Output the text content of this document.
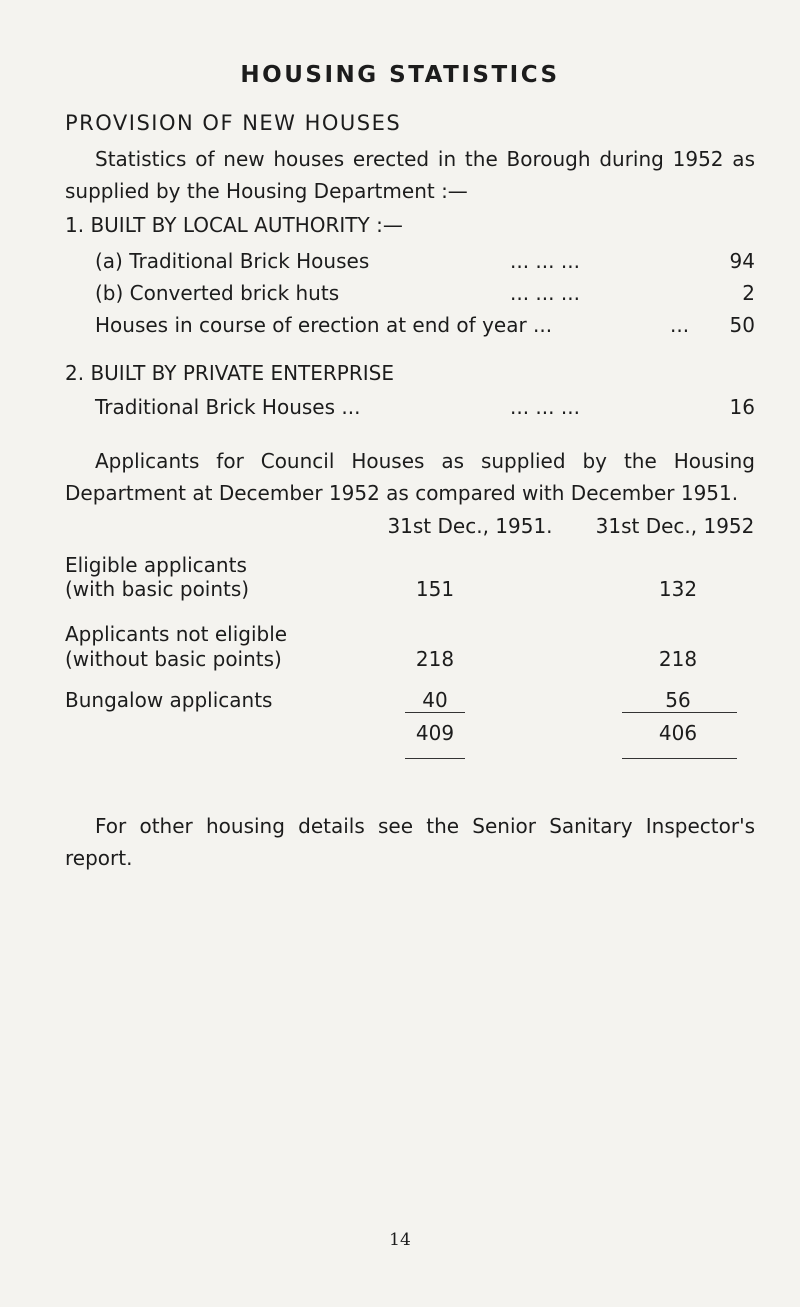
HOUSING STATISTICS
PROVISION OF NEW HOUSES
Statistics of new houses erected in the Borough during 1952 as
supplied by the Housing Department :—
1. BUILT BY LOCAL AUTHORITY :—
(a) Traditional Brick Houses	... ... ...	94
(b) Converted brick huts	... ... ...	2
Houses in course of erection at end of year ...	...	50
2. BUILT BY PRIVATE ENTERPRISE
Traditional Brick Houses ...	... ... ...	16
Applicants for Council Houses as supplied by the Housing
Department at December 1952 as compared with December 1951.
31st Dec., 1951.	31st Dec., 1952
Eligible applicants
(with basic points)	151	132
Applicants not eligible
(without basic points)	218	218
Bungalow applicants	40	56
409	406
For other housing details see the Senior Sanitary Inspector's
report.
14
